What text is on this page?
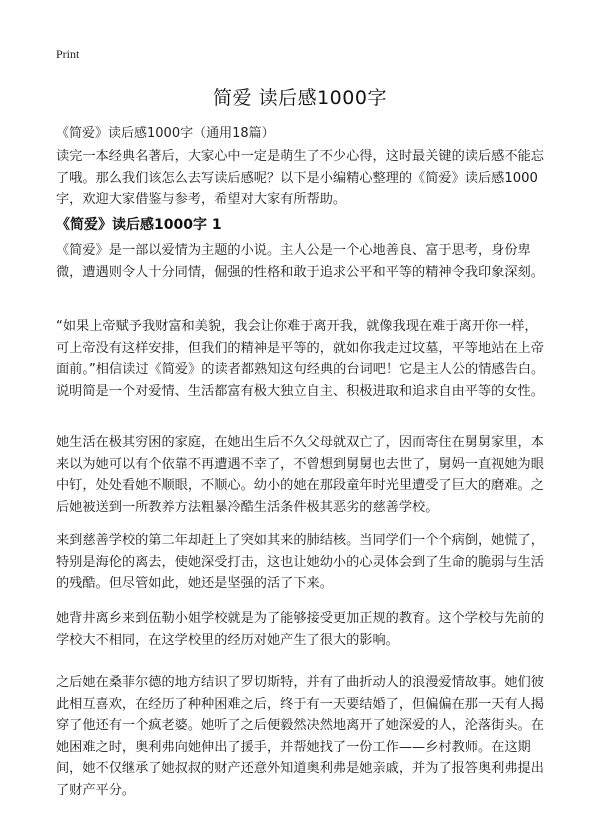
Print
简爱 读后感1000字
《简爱》读后感1000字（通用18篇）

读完一本经典名著后，大家心中一定是萌生了不少心得，这时最关键的读后感不能忘了哦。那么我们该怎么去写读后感呢？以下是小编精心整理的《简爱》读后感1000字，欢迎大家借鉴与参考，希望对大家有所帮助。

《简爱》读后感1000字 1

《简爱》是一部以爱情为主题的小说。主人公是一个心地善良、富于思考，身份卑微，遭遇则令人十分同情，倔强的性格和敢于追求公平和平等的精神令我印象深刻。

“如果上帝赋予我财富和美貌，我会让你难于离开我，就像我现在难于离开你一样，可上帝没有这样安排，但我们的精神是平等的，就如你我走过坟墓，平等地站在上帝面前。”相信读过《简爱》的读者都熟知这句经典的台词吧！它是主人公的情感告白。说明简是一个对爱情、生活都富有极大独立自主、积极进取和追求自由平等的女性。

她生活在极其穷困的家庭，在她出生后不久父母就双亡了，因而寄住在舅舅家里，本来以为她可以有个依靠不再遭遇不幸了，不曾想到舅舅也去世了，舅妈一直视她为眼中钉，处处看她不顺眼，不顺心。幼小的她在那段童年时光里遭受了巨大的磨难。之后她被送到一所教养方法粗暴冷酷生活条件极其恶劣的慈善学校。

来到慈善学校的第二年却赶上了突如其来的肺结核。当同学们一个个病倒，她慌了，特别是海伦的离去，使她深受打击，这也让她幼小的心灵体会到了生命的脆弱与生活的残酷。但尽管如此，她还是坚强的活了下来。

她背井离乡来到伍勒小姐学校就是为了能够接受更加正规的教育。这个学校与先前的学校大不相同，在这学校里的经历对她产生了很大的影响。

之后她在桑菲尔德的地方结识了罗切斯特，并有了曲折动人的浪漫爱情故事。她们彼此相互喜欢，在经历了种种困难之后，终于有一天要结婚了，但偏偏在那一天有人揭穿了他还有一个疯老婆。她听了之后便毅然决然地离开了她深爱的人，沦落街头。在她困难之时，奥利弗向她伸出了援手，并帮她找了一份工作——乡村教师。在这期间，她不仅继承了她叔叔的财产还意外知道奥利弗是她亲戚，并为了报答奥利弗提出了财产平分。
